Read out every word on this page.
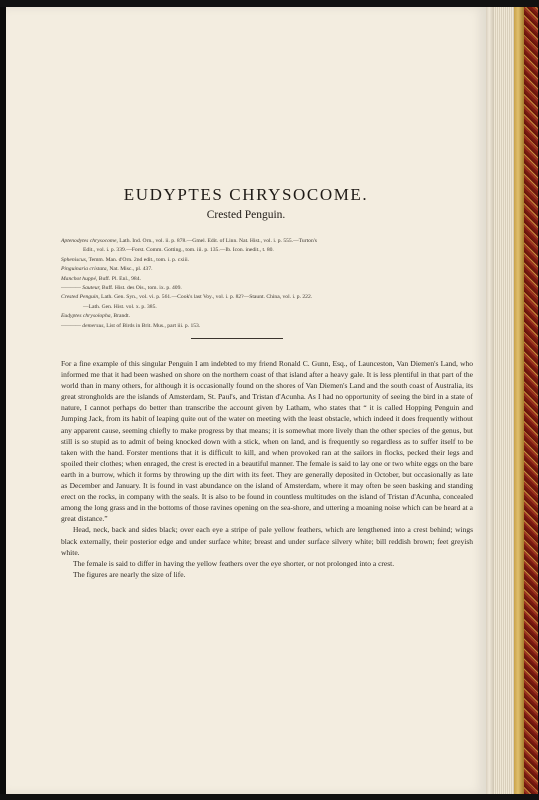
EUDYPTES CHRYSOCOME.
Crested Penguin.
Aptenodytes chrysocome, Lath. Ind. Orn., vol. ii. p. 878.—Gmel. Edit. of Linn. Nat. Hist., vol. i. p. 555.—Turton's
Edit., vol. i. p. 339.—Forst. Comm. Gotting., tom. iii. p. 135.—Ib. Icon. inedit., t. 80.
Spheniscus, Temm. Man. d'Orn. 2nd edit., tom. i. p. cxiii.
Pinguinaria cristata, Nat. Misc., pl. 437.
Manchot huppé, Buff. Pl. Enl., 984.
———— Sauteur, Buff. Hist. des Ois., tom. ix. p. 409.
Crested Penguin, Lath. Gen. Syn., vol. vi. p. 561.—Cook's last Voy., vol. i. p. 82?—Staunt. China, vol. i. p. 222.
—Lath. Gen. Hist. vol. x. p. 385.
Eudyptes chrysolopha, Brandt.
———— demersus, List of Birds in Brit. Mus., part iii. p. 153.

For a fine example of this singular Penguin I am indebted to my friend Ronald C. Gunn, Esq., of Launceston, Van Diemen's Land, who informed me that it had been washed on shore on the northern coast of that island after a heavy gale. It is less plentiful in that part of the world than in many others, for although it is occasionally found on the shores of Van Diemen's Land and the south coast of Australia, its great strongholds are the islands of Amsterdam, St. Paul's, and Tristan d'Acunha. As I had no opportunity of seeing the bird in a state of nature, I cannot perhaps do better than transcribe the account given by Latham, who states that “ it is called Hopping Penguin and Jumping Jack, from its habit of leaping quite out of the water on meeting with the least obstacle, which indeed it does frequently without any apparent cause, seeming chiefly to make progress by that means; it is somewhat more lively than the other species of the genus, but still is so stupid as to admit of being knocked down with a stick, when on land, and is frequently so regardless as to suffer itself to be taken with the hand. Forster mentions that it is difficult to kill, and when provoked ran at the sailors in flocks, pecked their legs and spoiled their clothes; when enraged, the crest is erected in a beautiful manner. The female is said to lay one or two white eggs on the bare earth in a burrow, which it forms by throwing up the dirt with its feet. They are generally deposited in October, but occasionally as late as December and January. It is found in vast abundance on the island of Amsterdam, where it may often be seen basking and standing erect on the rocks, in company with the seals. It is also to be found in countless multitudes on the island of Tristan d'Acunha, concealed among the long grass and in the bottoms of those ravines opening on the sea-shore, and uttering a moaning noise which can be heard at a great distance.”

Head, neck, back and sides black; over each eye a stripe of pale yellow feathers, which are lengthened into a crest behind; wings black externally, their posterior edge and under surface white; breast and under surface silvery white; bill reddish brown; feet greyish white.

The female is said to differ in having the yellow feathers over the eye shorter, or not prolonged into a crest.

The figures are nearly the size of life.
